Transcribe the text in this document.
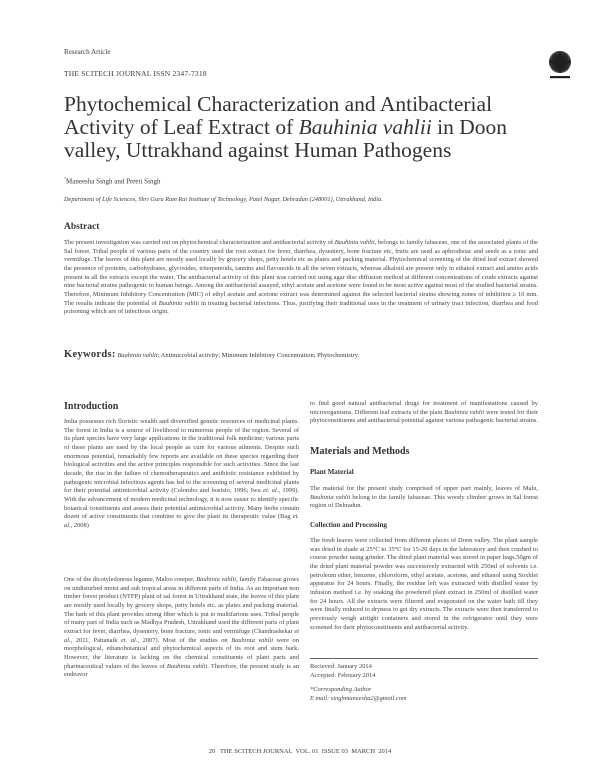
Research Article
THE SCITECH JOURNAL ISSN 2347-7318
Phytochemical Characterization and Antibacterial Activity of Leaf Extract of Bauhinia vahlii in Doon valley, Uttrakhand against Human Pathogens
*Maneesha Singh and Preeti Singh
Department of Life Sciences, Shri Guru Ram Rai Institute of Technology, Patel Nagar, Dehradun (248001), Uttrakhand, India.
Abstract
The present investigation was carried out on phytochemical characterization and antibacterial activity of Bauhinia vahlii, belongs to family fabaceae, one of the associated plants of the Sal forest. Tribal people of various parts of the country used the root extract for fever, diarrhea, dysentery, bone fracture etc, fruits are used as aphrodisiac and seeds as a tonic and vermifuge. The leaves of this plant are mostly used locally by grocery shops, petty hotels etc as plates and packing material. Phytochemical screening of the dried leaf extract showed the presence of proteins, carbohydrates, glycosides, triterpenoids, tannins and flavonoids in all the seven extracts, whereas alkaloid are present only in ethanol extract and amino acids present in all the extracts except the water. The antibacterial activity of this plant was carried out using agar disc diffusion method at different concentrations of crude extracts against nine bacterial strains pathogenic to human beings. Among the antibacterial assayed, ethyl acetate and acetone were found to be most active against most of the studied bacterial strains. Therefore, Minimum Inhibitory Concentration (MIC) of ethyl acetate and acetone extract was determined against the selected bacterial strains showing zones of inhibition ≥ 10 mm. The results indicate the potential of Bauhinia vahlii in treating bacterial infections. Thus, justifying their traditional uses in the treatment of urinary tract infection, diarrhea and food poisoning which are of infectious origin.
Keywords: Bauhinia vahlii; Antimicrobial activity; Minimum Inhibitory Concentration; Phytochemistry.
Introduction
India possesses rich floristic wealth and diversified genetic resources of medicinal plants. The forest in India is a source of livelihood to numerous people of the region. Several of its plant species have very large applications in the traditional folk medicine; various parts of these plants are used by the local people as cure for various ailments. Despite such enormous potential, remarkably few reports are available on these species regarding their biological activities and the active principles responsible for such activities. Since the last decade, the rise in the failure of chemotherapeutics and antibiotic resistance exhibited by pathogenic microbial infectious agents has led to the screening of several medicinal plants for their potential antimicrobial activity (Colombo and bosisio, 1996; Iwu et. al., 1999). With the advancement of modern medicinal technology, it is now easier to identify specific botanical constituents and assess their potential antimicrobial activity. Many herbs contain dozen of active constituents that combine to give the plant its therapeutic value (Bag et. al., 2008)
One of the dicotyledonous legume, Maloo creeper, Bauhinia vahlii, family Fabaceae grows on undisturbed moist and sub tropical areas in different parts of India. As an important non timber forest product (NTFP) plant of sal forest in Uttrakhand state, the leaves of this plant are mostly used locally by grocery shops, petty hotels etc. as plates and packing material. The bark of this plant provides strong fiber which is put to multifarious uses. Tribal people of many part of India such as Madhya Pradesh, Uttrakhand used the different parts of plant extract for fever, diarrhea, dysentery, bone fracture, tonic and vermifuge (Chandrashekar et al., 2011, Pattanaik et. al., 2007). Most of the studies on Bauhinia vahlii were on morphological, ethanobotanical and phytochemical aspects of its root and stem bark. However, the literature is lacking on the chemical constituents of plant parts and pharmaceutical values of the leaves of Bauhinia vahlii. Therefore, the present study is an endeavor
to find good natural antibacterial drugs for treatment of manifestations caused by microorganisms. Different leaf extracts of the plant Bauhinia vahlii were tested for their phytoconstituents and antibacterial potential against various pathogenic bacterial strains.
Materials and Methods
Plant Material
The material for the present study comprised of upper part mainly, leaves of Malu, Bauhinia vahlii belong to the family fabaceae. This woody climber grows in Sal forest region of Dehradun.
Collection and Processing
The fresh leaves were collected from different places of Doon valley. The plant sample was dried in shade at 25°C to 35°C for 15-20 days in the laboratory and then crushed to course powder using grinder. The dried plant material was stored in paper bags.50gm of the dried plant material powder was successively extracted with 250ml of solvents i.e. petroleum ether, benzene, chloroform, ethyl acetate, acetone, and ethanol using Soxhlet apparatus for 24 hours. Finally, the residue left was extracted with distilled water by infusion method i.e. by soaking the powdered plant extract in 250ml of distilled water for 24 hours. All the extracts were filtered and evaporated on the water bath till they were finally reduced to dryness to get dry extracts. The extracts were then transferred to previously weigh airtight containers and stored in the refrigerator until they were screened for their phytoconstituents and antibacterial activity.
Recieved: January 2014
Accepted: February 2014
*Corresponding Author
E mail: singhmaneesha2@gmail.com
20 THE SCITECH JOURNAL  VOL. 01  ISSUE 03  MARCH  2014
